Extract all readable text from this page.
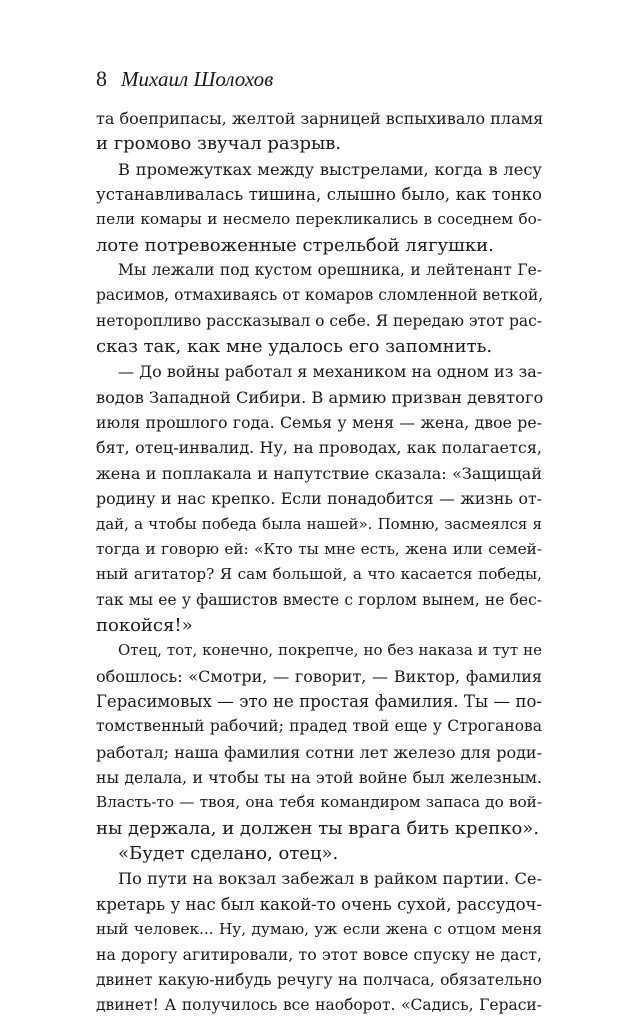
8 Михаил Шолохов
та боеприпасы, желтой зарницей вспыхивало пламя
и громово звучал разрыв.
В промежутках между выстрелами, когда в лесу
устанавливалась тишина, слышно было, как тонко
пели комары и несмело перекликались в соседнем бо-
лоте потревоженные стрельбой лягушки.
Мы лежали под кустом орешника, и лейтенант Ге-
расимов, отмахиваясь от комаров сломленной веткой,
неторопливо рассказывал о себе. Я передаю этот рас-
сказ так, как мне удалось его запомнить.
— До войны работал я механиком на одном из за-
водов Западной Сибири. В армию призван девятого
июля прошлого года. Семья у меня — жена, двое ре-
бят, отец-инвалид. Ну, на проводах, как полагается,
жена и поплакала и напутствие сказала: «Защищай
родину и нас крепко. Если понадобится — жизнь от-
дай, а чтобы победа была нашей». Помню, засмеялся я
тогда и говорю ей: «Кто ты мне есть, жена или семей-
ный агитатор? Я сам большой, а что касается победы,
так мы ее у фашистов вместе с горлом вынем, не бес-
покойся!»
Отец, тот, конечно, покрепче, но без наказа и тут не
обошлось: «Смотри, — говорит, — Виктор, фамилия
Герасимовых — это не простая фамилия. Ты — по-
томственный рабочий; прадед твой еще у Строганова
работал; наша фамилия сотни лет железо для роди-
ны делала, и чтобы ты на этой войне был железным.
Власть-то — твоя, она тебя командиром запаса до вой-
ны держала, и должен ты врага бить крепко».
«Будет сделано, отец».
По пути на вокзал забежал в райком партии. Се-
кретарь у нас был какой-то очень сухой, рассудоч-
ный человек... Ну, думаю, уж если жена с отцом меня
на дорогу агитировали, то этот вовсе спуску не даст,
двинет какую-нибудь речугу на полчаса, обязательно
двинет! А получилось все наоборот. «Садись, Гераси-
